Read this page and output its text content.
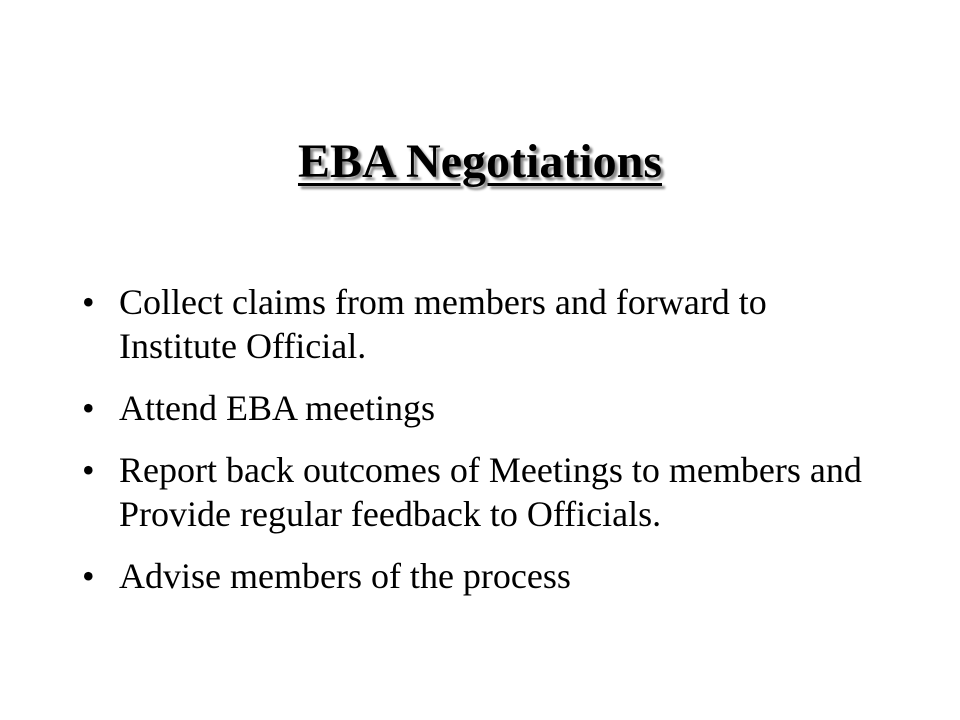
EBA Negotiations
• Collect claims from members and forward to Institute Official.
• Attend EBA meetings
• Report back outcomes of Meetings to members and Provide regular feedback to Officials.
• Advise members of the process
